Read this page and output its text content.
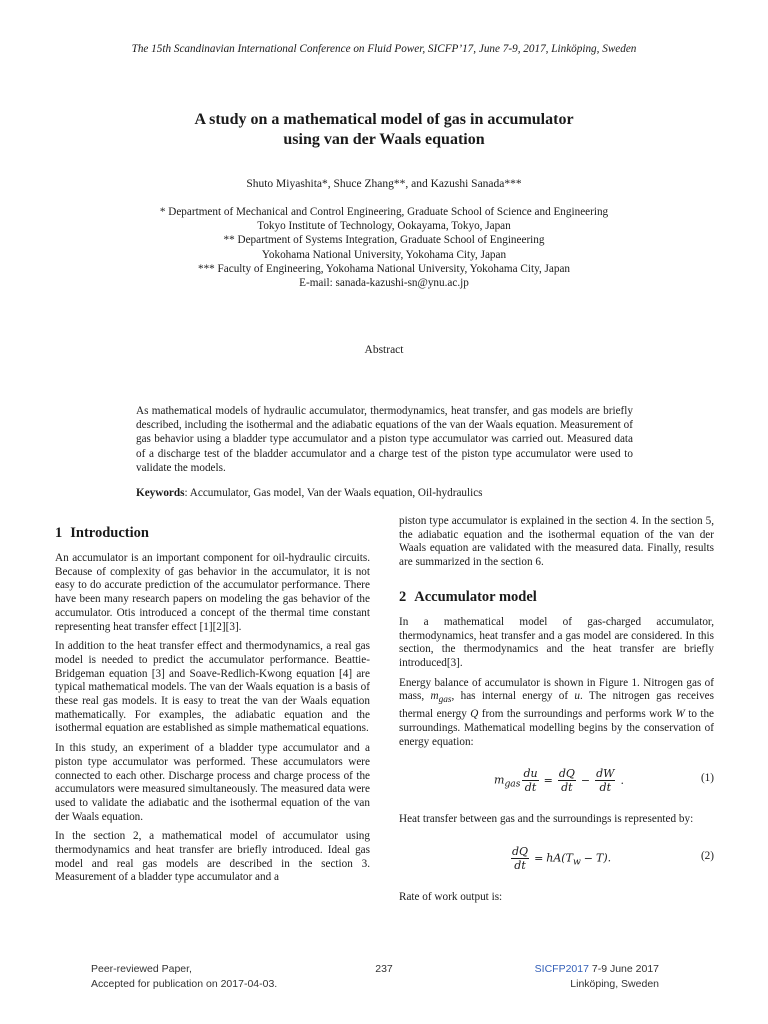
The 15th Scandinavian International Conference on Fluid Power, SICFP’17, June 7-9, 2017, Linköping, Sweden
A study on a mathematical model of gas in accumulator
using van der Waals equation
Shuto Miyashita*, Shuce Zhang**, and Kazushi Sanada***
* Department of Mechanical and Control Engineering, Graduate School of Science and Engineering
Tokyo Institute of Technology, Ookayama, Tokyo, Japan
** Department of Systems Integration, Graduate School of Engineering
Yokohama National University, Yokohama City, Japan
*** Faculty of Engineering, Yokohama National University, Yokohama City, Japan
E-mail: sanada-kazushi-sn@ynu.ac.jp
Abstract
As mathematical models of hydraulic accumulator, thermodynamics, heat transfer, and gas models are briefly described, including the isothermal and the adiabatic equations of the van der Waals equation. Measurement of gas behavior using a bladder type accumulator and a piston type accumulator was carried out. Measured data of a discharge test of the bladder accumulator and a charge test of the piston type accumulator were used to validate the models.
Keywords: Accumulator, Gas model, Van der Waals equation, Oil-hydraulics
1 Introduction

An accumulator is an important component for oil-hydraulic circuits. Because of complexity of gas behavior in the accumulator, it is not easy to do accurate prediction of the accumulator performance. There have been many research papers on modeling the gas behavior of the accumulator. Otis introduced a concept of the thermal time constant representing heat transfer effect [1][2][3].

In addition to the heat transfer effect and thermodynamics, a real gas model is needed to predict the accumulator performance. Beattie-Bridgeman equation [3] and Soave-Redlich-Kwong equation [4] are typical mathematical models. The van der Waals equation is a basis of these real gas models. It is easy to treat the van der Waals equation mathematically. For examples, the adiabatic equation and the isothermal equation are established as simple mathematical equations.

In this study, an experiment of a bladder type accumulator and a piston type accumulator was performed. These accumulators were connected to each other. Discharge process and charge process of the accumulators were measured simultaneously. The measured data were used to validate the adiabatic and the isothermal equation of the van der Waals equation.

In the section 2, a mathematical model of accumulator using thermodynamics and heat transfer are briefly introduced. Ideal gas model and real gas models are described in the section 3. Measurement of a bladder type accumulator and a

piston type accumulator is explained in the section 4. In the section 5, the adiabatic equation and the isothermal equation of the van der Waals equation are validated with the measured data. Finally, results are summarized in the section 6.

2 Accumulator model

In a mathematical model of gas-charged accumulator, thermodynamics, heat transfer and a gas model are considered. In this section, the thermodynamics and the heat transfer are briefly introduced[3].

Energy balance of accumulator is shown in Figure 1. Nitrogen gas of mass, $m_{gas}$, has internal energy of u. The nitrogen gas receives thermal energy Q from the surroundings and performs work W to the surroundings. Mathematical modelling begins by the conservation of energy equation:

$m_{gas} \frac{du}{dt} = \frac{dQ}{dt} - \frac{dW}{dt}$ .	(1)

Heat transfer between gas and the surroundings is represented by:

$\frac{dQ}{dt} = hA(T_w - T)$.	(2)

Rate of work output is:

Peer-reviewed Paper,
Accepted for publication on 2017-04-03.
237	SICFP2017 7-9 June 2017
Linköping, Sweden
